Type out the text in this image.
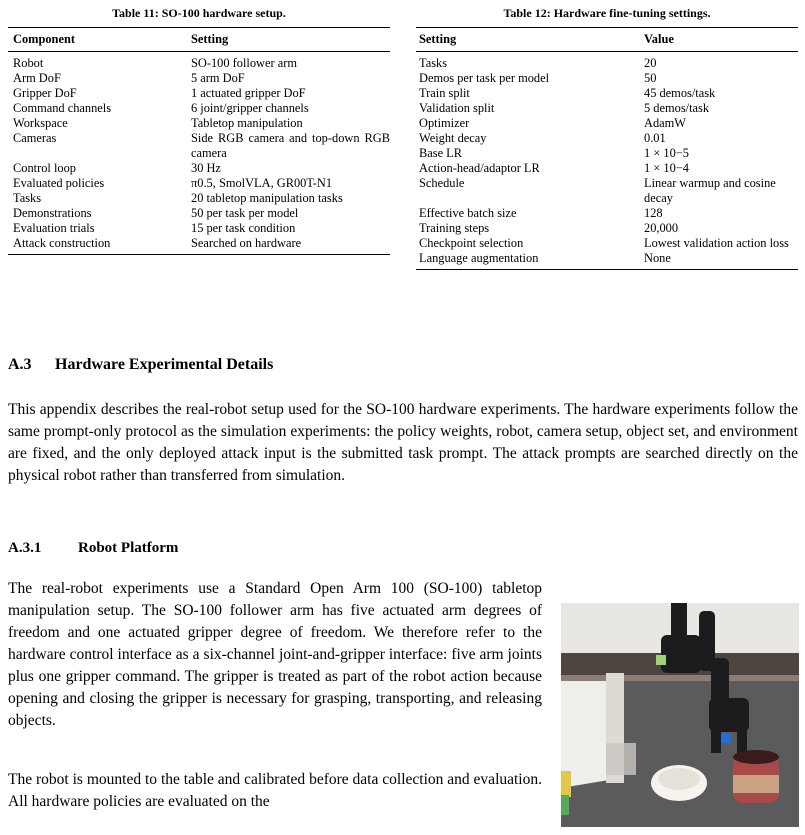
Table 11: SO-100 hardware setup.
Component	Setting
Robot	SO-100 follower arm
Arm DoF	5 arm DoF
Gripper DoF	1 actuated gripper DoF
Command channels	6 joint/gripper channels
Workspace	Tabletop manipulation
Cameras	Side RGB camera and top-down RGB camera
Control loop	30 Hz
Evaluated policies	π0.5, SmolVLA, GR00T-N1
Tasks	20 tabletop manipulation tasks
Demonstrations	50 per task per model
Evaluation trials	15 per task condition
Attack construction	Searched on hardware
Table 12: Hardware fine-tuning settings.
Setting	Value
Tasks	20
Demos per task per model	50
Train split	45 demos/task
Validation split	5 demos/task
Optimizer	AdamW
Weight decay	0.01
Base LR	1 × 10−5
Action-head/adaptor LR	1 × 10−4
Schedule	Linear warmup and cosine decay
Effective batch size	128
Training steps	20,000
Checkpoint selection	Lowest validation action loss
Language augmentation	None
A.3 Hardware Experimental Details
This appendix describes the real-robot setup used for the SO-100 hardware experiments. The hardware experiments follow the same prompt-only protocol as the simulation experiments: the policy weights, robot, camera setup, object set, and environment are fixed, and the only deployed attack input is the submitted task prompt. The attack prompts are searched directly on the physical robot rather than transferred from simulation.
A.3.1 Robot Platform
The real-robot experiments use a Standard Open Arm 100 (SO-100) tabletop manipulation setup. The SO-100 follower arm has five actuated arm degrees of freedom and one actuated gripper degree of freedom. We therefore refer to the hardware control interface as a six-channel joint-and-gripper interface: five arm joints plus one gripper command. The gripper is treated as part of the robot action because opening and closing the gripper is necessary for grasping, transporting, and releasing objects.
The robot is mounted to the table and calibrated before data collection and evaluation. All hardware policies are evaluated on the
